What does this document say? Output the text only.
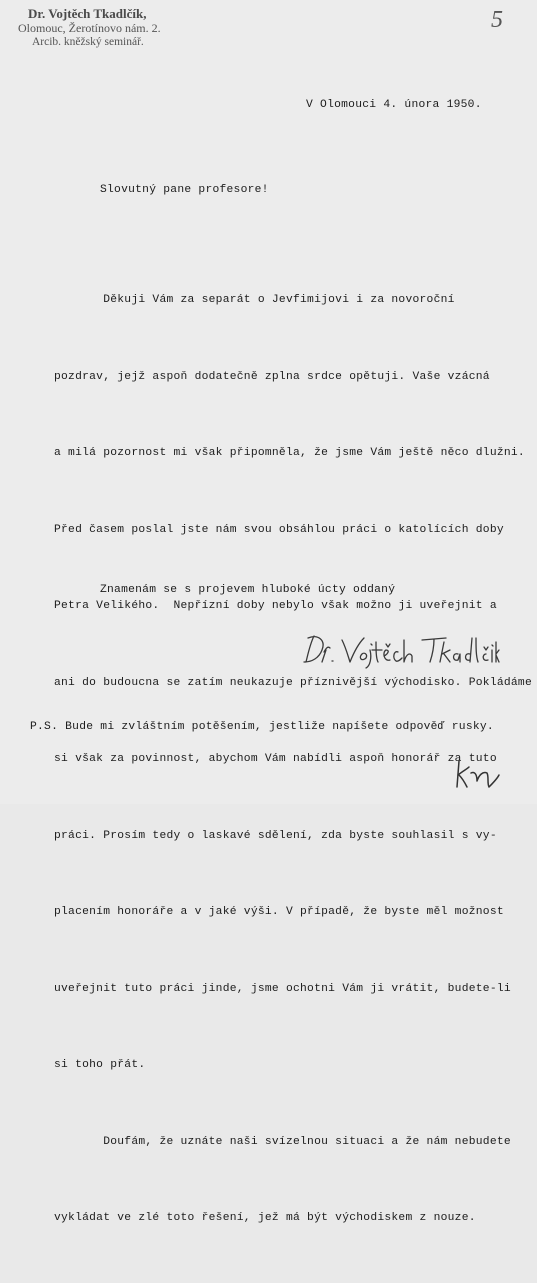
Dr. Vojtěch Tkadlčík,
Olomouc, Žerotínovo nám. 2.
Arcib. kněžský seminář.
5
V Olomouci 4. února 1950.
Slovutný pane profesore!

Děkuji Vám za separát o Jevfimijovi i za novoroční

pozdrav, jejž aspoň dodatečně zplna srdce opětuji. Vaše vzácná

a milá pozornost mi však připomněla, že jsme Vám ještě něco dlužni.

Před časem poslal jste nám svou obsáhlou práci o katolících doby

Petra Velikého.  Nepřízní doby nebylo však možno ji uveřejnit a

ani do budoucna se zatím neukazuje příznivější východisko. Pokládáme

si však za povinnost, abychom Vám nabídli aspoň honorář za tuto

práci. Prosím tedy o laskavé sdělení, zda byste souhlasil s vy-

placením honoráře a v jaké výši. V případě, že byste měl možnost

uveřejnit tuto práci jinde, jsme ochotni Vám ji vrátit, budete-li

si toho přát.

Doufám, že uznáte naši svízelnou situaci a že nám nebudete

vykládat ve zlé toto řešení, jež má být východiskem z nouze.

Znamenám se s projevem hluboké úcty oddaný
P.S. Bude mi zvláštním potěšením, jestliže napíšete odpověď rusky.
